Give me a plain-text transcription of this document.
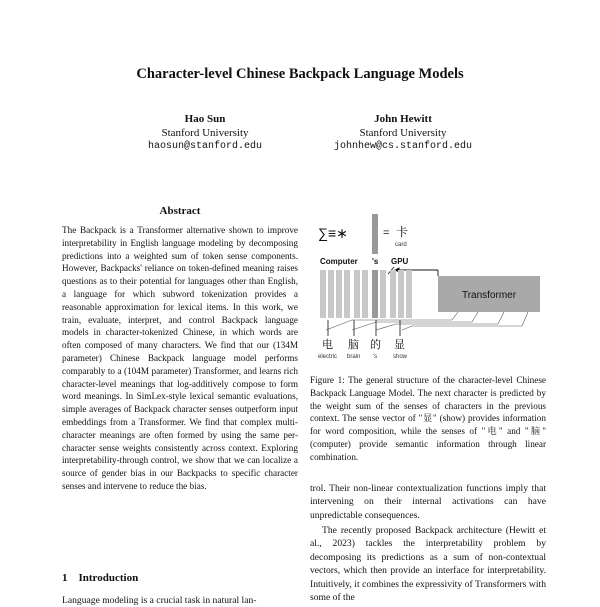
Character-level Chinese Backpack Language Models
Hao Sun
Stanford University
haosun@stanford.edu
John Hewitt
Stanford University
johnhew@cs.stanford.edu
Abstract
The Backpack is a Transformer alternative shown to improve interpretability in English language modeling by decomposing predictions into a weighted sum of token sense components. However, Backpacks' reliance on token-defined meaning raises questions as to their potential for languages other than English, a language for which subword tokenization provides a reasonable approximation for lexical items. In this work, we train, evaluate, interpret, and control Backpack language models in character-tokenized Chinese, in which words are often composed of many characters. We find that our (134M parameter) Chinese Backpack language model performs comparably to a (104M parameter) Transformer, and learns rich character-level meanings that log-additively compose to form word meanings. In SimLex-style lexical semantic evaluations, simple averages of Backpack character senses outperform input embeddings from a Transformer. We find that complex multi-character meanings are often formed by using the same per-character sense weights consistently across context. Exploring interpretability-through control, we show that we can localize a source of gender bias in our Backpacks to specific character senses and intervene to reduce the bias.
1 Introduction
Language modeling is a crucial task in natural lan-
∑≡∗	= 卡
card
Computer 's GPU
Transformer
电 脑 的 显
electric brain 's	show
Figure 1: The general structure of the character-level Chinese Backpack Language Model. The next character is predicted by the weight sum of the senses of characters in the previous context. The sense vector of "显" (show) provides information for word composition, while the senses of "电" and "脑" (computer) provide semantic information through linear combination.
trol. Their non-linear contextualization functions imply that intervening on their internal activations can have unpredictable consequences.
The recently proposed Backpack architecture (Hewitt et al., 2023) tackles the interpretability problem by decomposing its predictions as a sum of non-contextual vectors, which then provide an interface for interpretability. Intuitively, it combines the expressivity of Transformers with some of the
